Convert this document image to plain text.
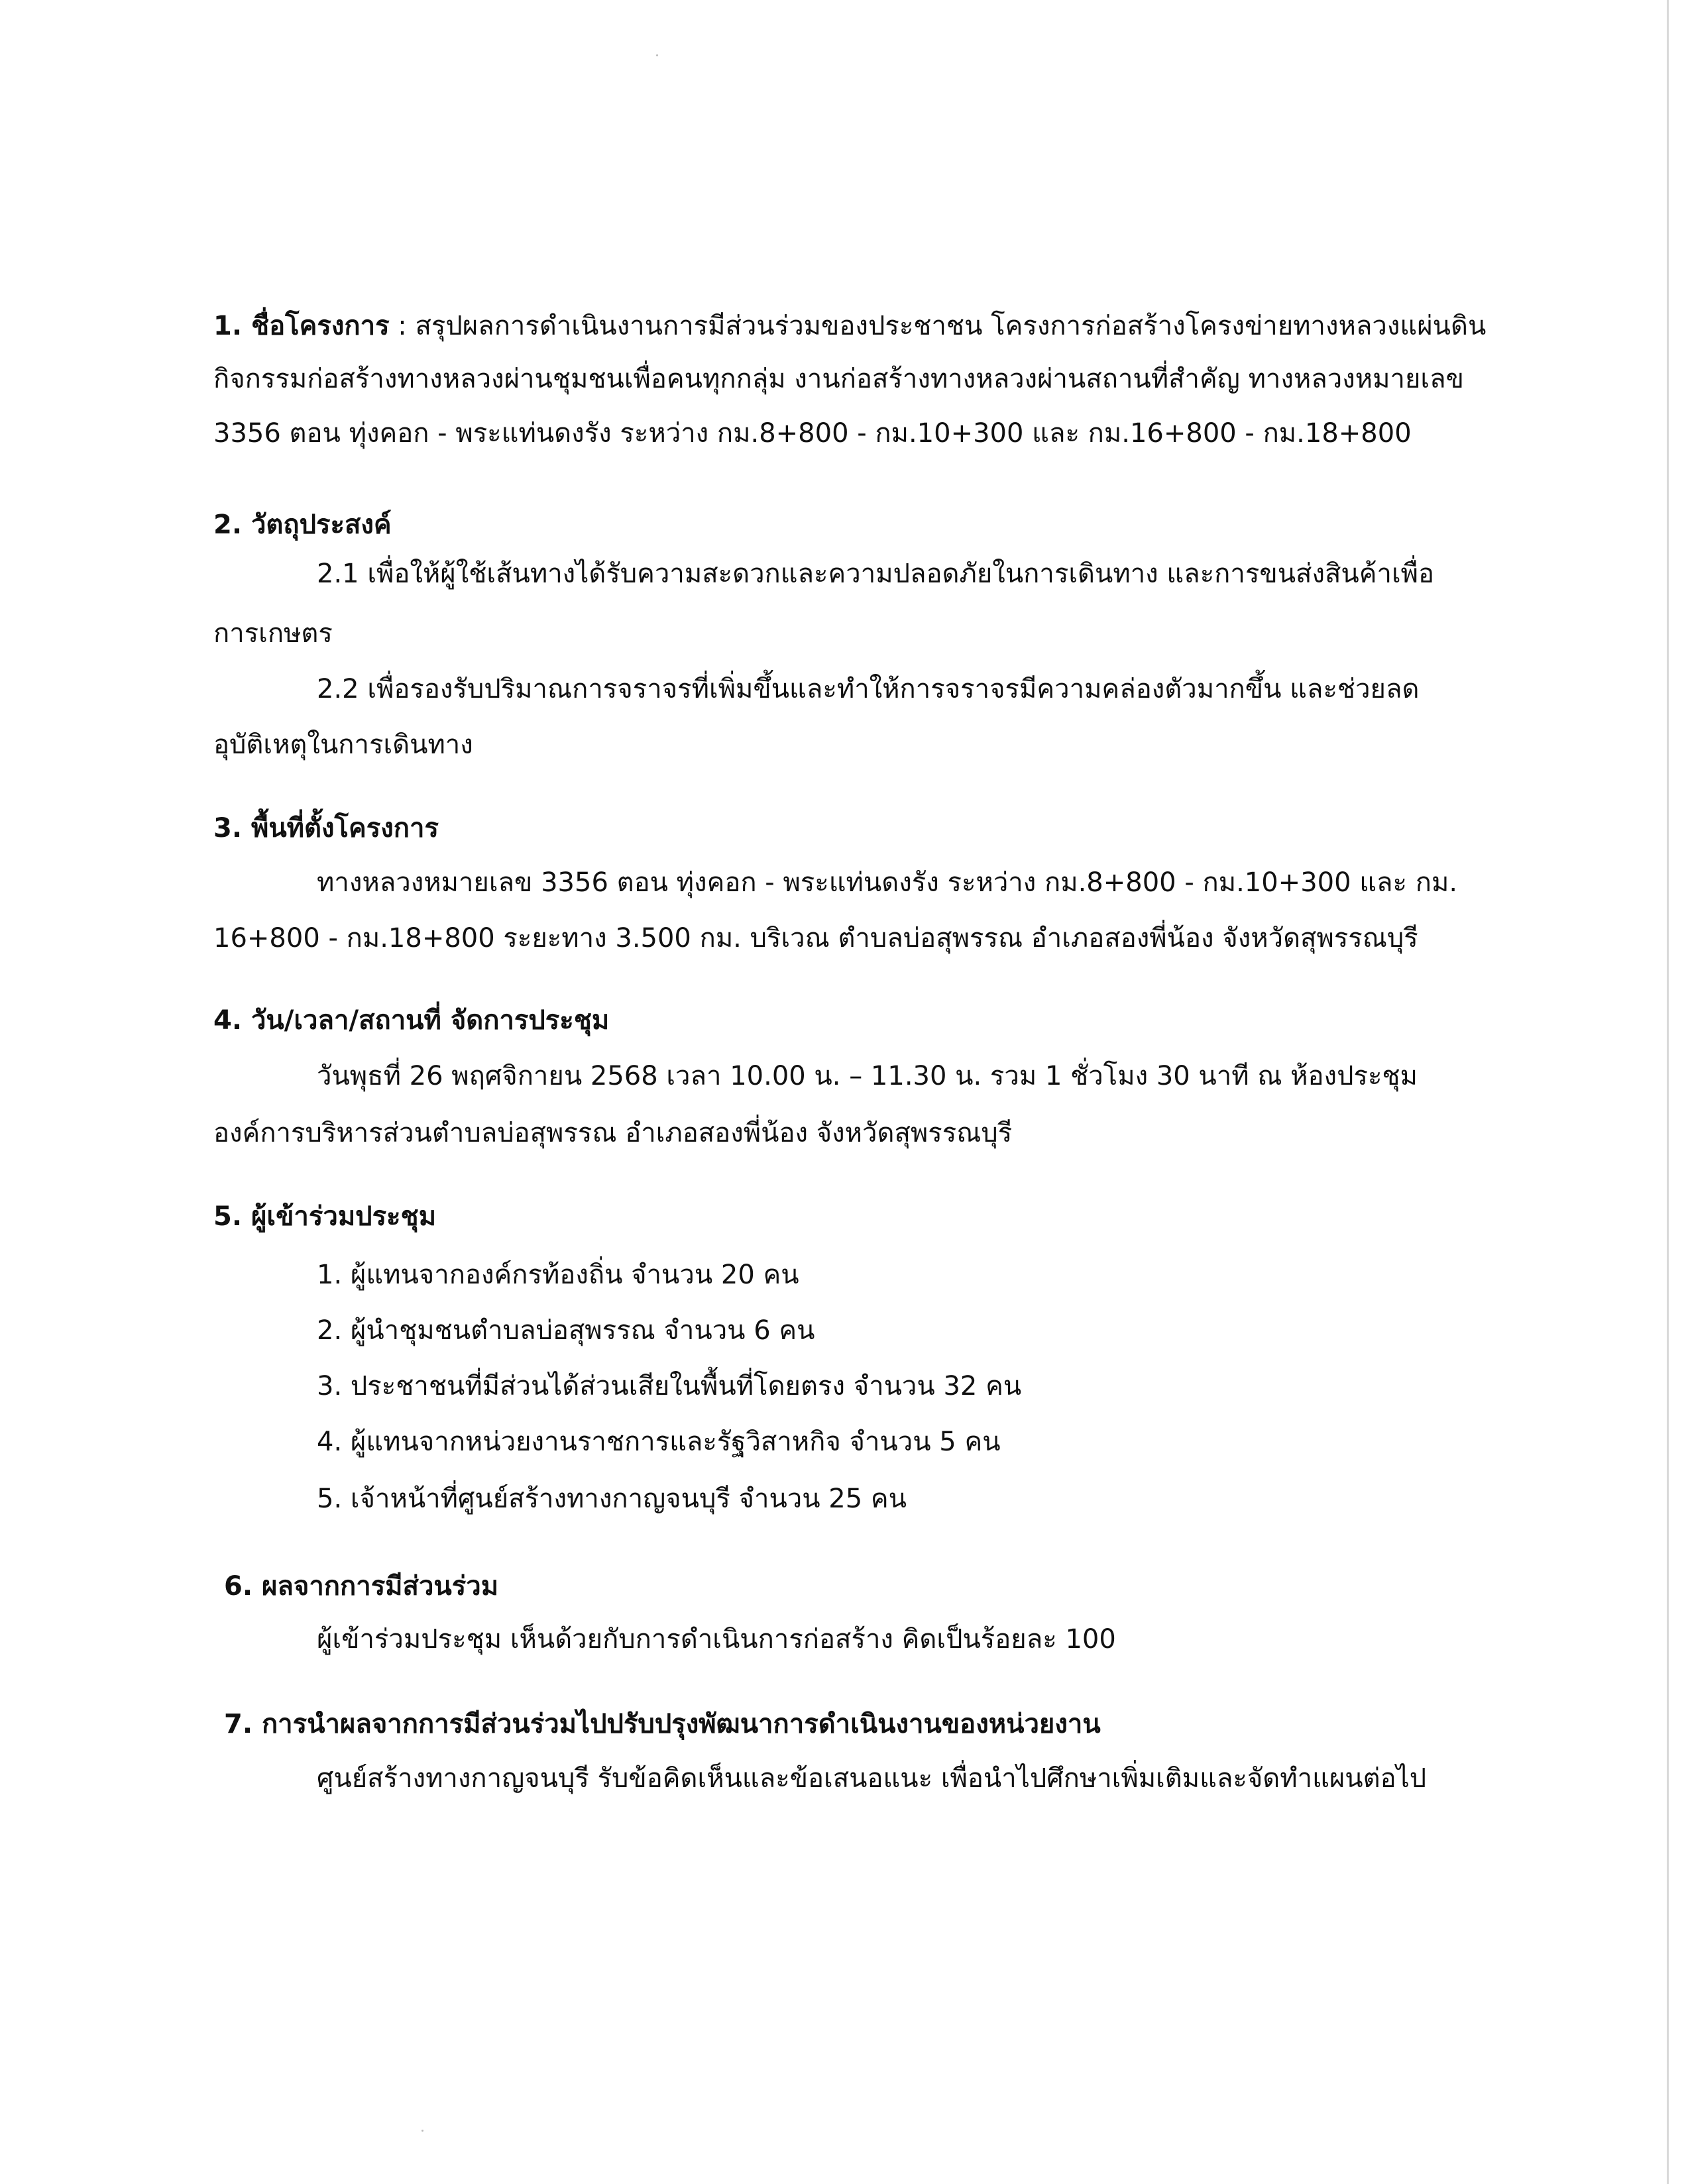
1. ชื่อโครงการ : สรุปผลการดำเนินงานการมีส่วนร่วมของประชาชน โครงการก่อสร้างโครงข่ายทางหลวงแผ่นดิน
กิจกรรมก่อสร้างทางหลวงผ่านชุมชนเพื่อคนทุกกลุ่ม งานก่อสร้างทางหลวงผ่านสถานที่สำคัญ ทางหลวงหมายเลข
3356 ตอน ทุ่งคอก - พระแท่นดงรัง ระหว่าง กม.8+800 - กม.10+300 และ กม.16+800 - กม.18+800
2. วัตถุประสงค์
2.1 เพื่อให้ผู้ใช้เส้นทางได้รับความสะดวกและความปลอดภัยในการเดินทาง และการขนส่งสินค้าเพื่อ
การเกษตร
2.2 เพื่อรองรับปริมาณการจราจรที่เพิ่มขึ้นและทำให้การจราจรมีความคล่องตัวมากขึ้น และช่วยลด
อุบัติเหตุในการเดินทาง
3. พื้นที่ตั้งโครงการ
ทางหลวงหมายเลข 3356 ตอน ทุ่งคอก - พระแท่นดงรัง ระหว่าง กม.8+800 - กม.10+300 และ กม.
16+800 - กม.18+800 ระยะทาง 3.500 กม. บริเวณ ตำบลบ่อสุพรรณ อำเภอสองพี่น้อง จังหวัดสุพรรณบุรี
4. วัน/เวลา/สถานที่ จัดการประชุม
วันพุธที่ 26 พฤศจิกายน 2568 เวลา 10.00 น. – 11.30 น. รวม 1 ชั่วโมง 30 นาที ณ ห้องประชุม
องค์การบริหารส่วนตำบลบ่อสุพรรณ อำเภอสองพี่น้อง จังหวัดสุพรรณบุรี
5. ผู้เข้าร่วมประชุม
1. ผู้แทนจากองค์กรท้องถิ่น จำนวน 20 คน
2. ผู้นำชุมชนตำบลบ่อสุพรรณ จำนวน 6 คน
3. ประชาชนที่มีส่วนได้ส่วนเสียในพื้นที่โดยตรง จำนวน 32 คน
4. ผู้แทนจากหน่วยงานราชการและรัฐวิสาหกิจ จำนวน 5 คน
5. เจ้าหน้าที่ศูนย์สร้างทางกาญจนบุรี จำนวน 25 คน
6. ผลจากการมีส่วนร่วม
ผู้เข้าร่วมประชุม เห็นด้วยกับการดำเนินการก่อสร้าง คิดเป็นร้อยละ 100
7. การนำผลจากการมีส่วนร่วมไปปรับปรุงพัฒนาการดำเนินงานของหน่วยงาน
ศูนย์สร้างทางกาญจนบุรี รับข้อคิดเห็นและข้อเสนอแนะ เพื่อนำไปศึกษาเพิ่มเติมและจัดทำแผนต่อไป
